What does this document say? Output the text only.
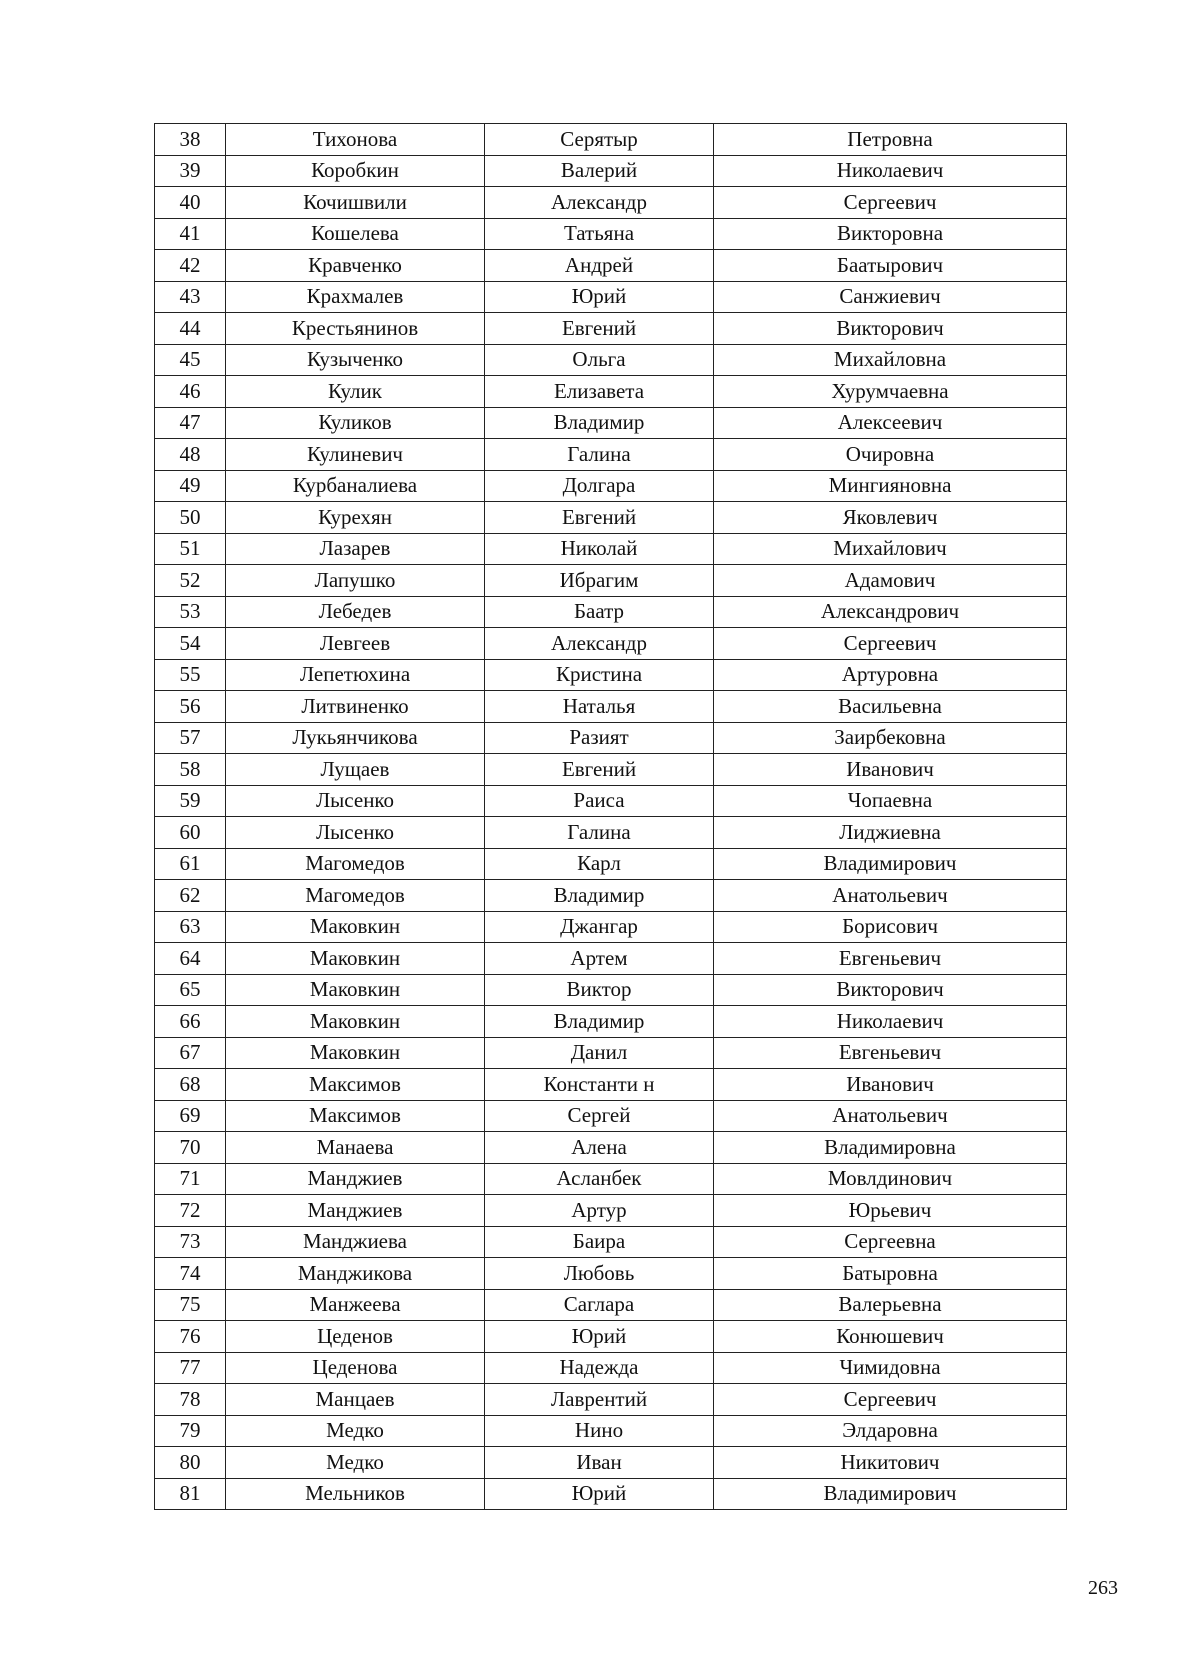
38	Тихонова	Серятыр	Петровна
39	Коробкин	Валерий	Николаевич
40	Кочишвили	Александр	Сергеевич
41	Кошелева	Татьяна	Викторовна
42	Кравченко	Андрей	Баатырович
43	Крахмалев	Юрий	Санжиевич
44	Крестьянинов	Евгений	Викторович
45	Кузыченко	Ольга	Михайловна
46	Кулик	Елизавета	Хурумчаевна
47	Куликов	Владимир	Алексеевич
48	Кулиневич	Галина	Очировна
49	Курбаналиева	Долгара	Мингияновна
50	Курехян	Евгений	Яковлевич
51	Лазарев	Николай	Михайлович
52	Лапушко	Ибрагим	Адамович
53	Лебедев	Баатр	Александрович
54	Левгеев	Александр	Сергеевич
55	Лепетюхина	Кристина	Артуровна
56	Литвиненко	Наталья	Васильевна
57	Лукьянчикова	Разият	Заирбековна
58	Лущаев	Евгений	Иванович
59	Лысенко	Раиса	Чопаевна
60	Лысенко	Галина	Лиджиевна
61	Магомедов	Карл	Владимирович
62	Магомедов	Владимир	Анатольевич
63	Маковкин	Джангар	Борисович
64	Маковкин	Артем	Евгеньевич
65	Маковкин	Виктор	Викторович
66	Маковкин	Владимир	Николаевич
67	Маковкин	Данил	Евгеньевич
68	Максимов	Константи н	Иванович
69	Максимов	Сергей	Анатольевич
70	Манаева	Алена	Владимировна
71	Манджиев	Асланбек	Мовлдинович
72	Манджиев	Артур	Юрьевич
73	Манджиева	Баира	Сергеевна
74	Манджикова	Любовь	Батыровна
75	Манжеева	Саглара	Валерьевна
76	Цеденов	Юрий	Конюшевич
77	Цеденова	Надежда	Чимидовна
78	Манцаев	Лаврентий	Сергеевич
79	Медко	Нино	Элдаровна
80	Медко	Иван	Никитович
81	Мельников	Юрий	Владимирович
263
